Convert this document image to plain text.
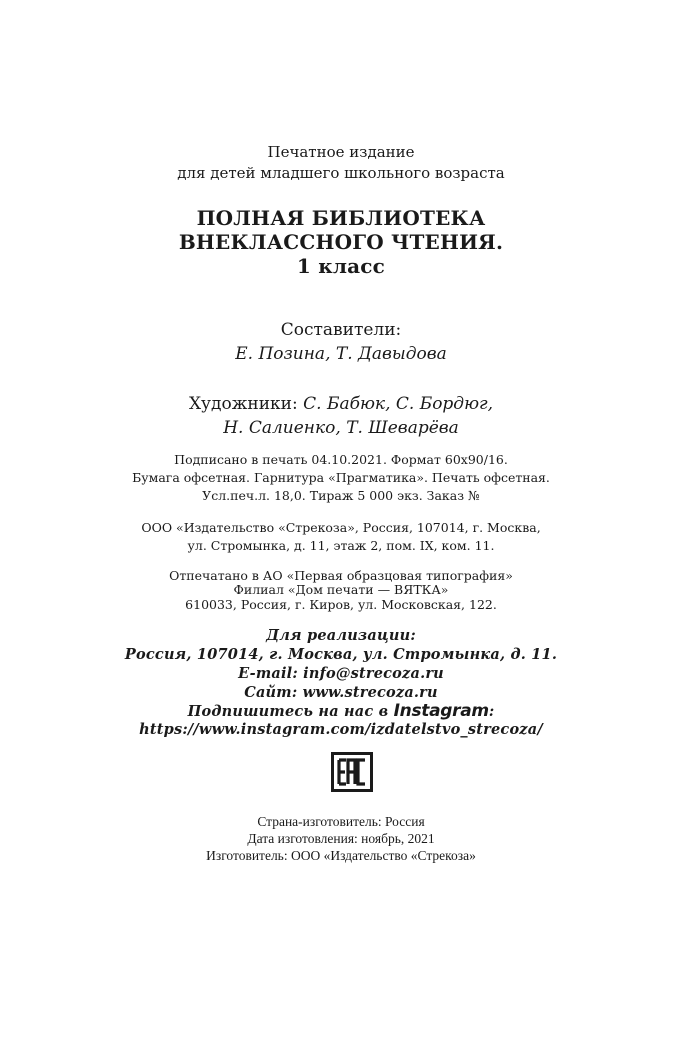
Печатное издание
для детей младшего школьного возраста
ПОЛНАЯ БИБЛИОТЕКА
ВНЕКЛАССНОГО ЧТЕНИЯ.
1 класс
Составители:
Е. Позина, Т. Давыдова
Художники: С. Бабюк, С. Бордюг,
Н. Салиенко, Т. Шеварёва
Подписано в печать 04.10.2021. Формат 60х90/16.
Бумага офсетная. Гарнитура «Прагматика». Печать офсетная.
Усл.печ.л. 18,0. Тираж 5 000 экз. Заказ №
ООО «Издательство «Стрекоза», Россия, 107014, г. Москва,
ул. Стромынка, д. 11, этаж 2, пом. IX, ком. 11.
Отпечатано в АО «Первая образцовая типография»
Филиал «Дом печати — ВЯТКА»
610033, Россия, г. Киров, ул. Московская, 122.
Для реализации:
Россия, 107014, г. Москва, ул. Стромынка, д. 11.
E-mail: info@strecoza.ru
Сайт: www.strecoza.ru
Подпишитесь на нас в Instagram:
https://www.instagram.com/izdatelstvo_strecoza/
Страна-изготовитель: Россия
Дата изготовления: ноябрь, 2021
Изготовитель: ООО «Издательство «Стрекоза»
